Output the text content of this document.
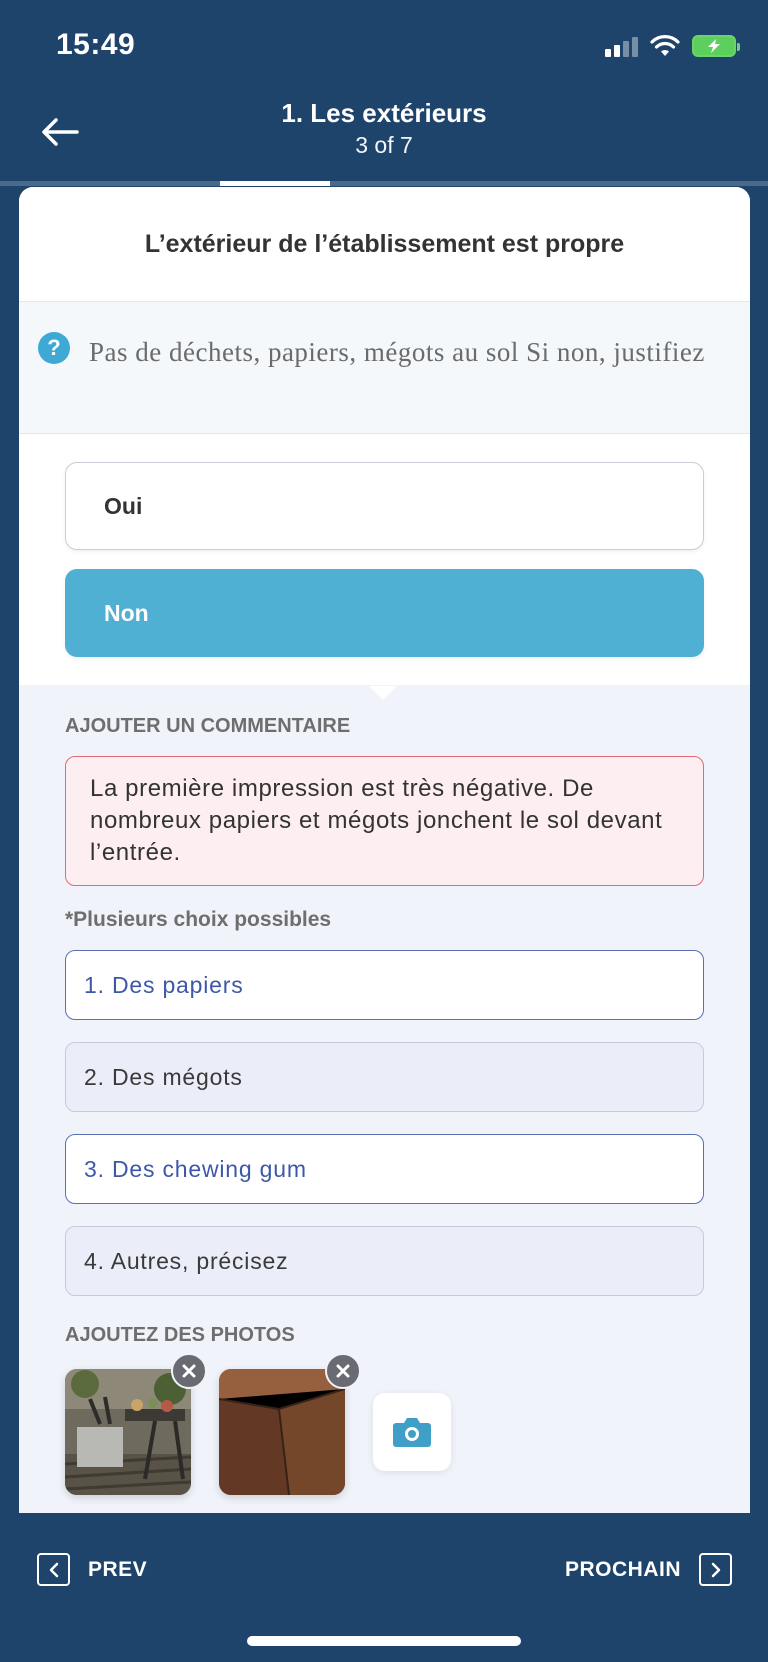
15:49
1. Les extérieurs
3 of 7
L’extérieur de l’établissement est propre
?	Pas de déchets, papiers, mégots au sol Si non, justifiez
Oui
Non
AJOUTER UN COMMENTAIRE
La première impression est très négative. De nombreux papiers et mégots jonchent le sol devant l’entrée.
*Plusieurs choix possibles
1. Des papiers
2. Des mégots
3. Des chewing gum
4. Autres, précisez
AJOUTEZ DES PHOTOS
PREV	PROCHAIN
